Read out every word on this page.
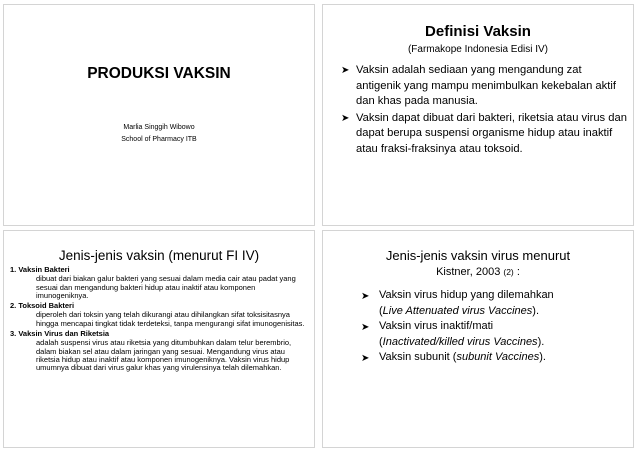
PRODUKSI VAKSIN
Marlia Singgih Wibowo
School of Pharmacy ITB
Definisi Vaksin
(Farmakope Indonesia Edisi IV)
➤ Vaksin adalah sediaan yang mengandung zat antigenik yang mampu menimbulkan kekebalan aktif dan khas pada manusia.
➤ Vaksin dapat dibuat dari bakteri, riketsia atau virus dan dapat berupa suspensi organisme hidup atau inaktif atau fraksi-fraksinya atau toksoid.
Jenis-jenis vaksin (menurut FI IV)
1. Vaksin Bakteri
dibuat dari biakan galur bakteri yang sesuai dalam media cair atau padat yang sesuai dan mengandung bakteri hidup atau inaktif atau komponen imunogeniknya.
2. Toksoid Bakteri
diperoleh dari toksin yang telah dikurangi atau dihilangkan sifat toksisitasnya hingga mencapai tingkat tidak terdeteksi, tanpa mengurangi sifat imunogenisitas.
3. Vaksin Virus dan Riketsia
adalah suspensi virus atau riketsia yang ditumbuhkan dalam telur berembrio, dalam biakan sel atau dalam jaringan yang sesuai. Mengandung virus atau riketsia hidup atau inaktif atau komponen imunogeniknya. Vaksin virus hidup umumnya dibuat dari virus galur khas yang virulensinya telah dilemahkan.
Jenis-jenis vaksin virus menurut
Kistner, 2003 (2) :
➤ Vaksin virus hidup yang dilemahkan
(Live Attenuated virus Vaccines).
➤ Vaksin virus inaktif/mati
(Inactivated/killed virus Vaccines).
➤ Vaksin subunit (subunit Vaccines).
